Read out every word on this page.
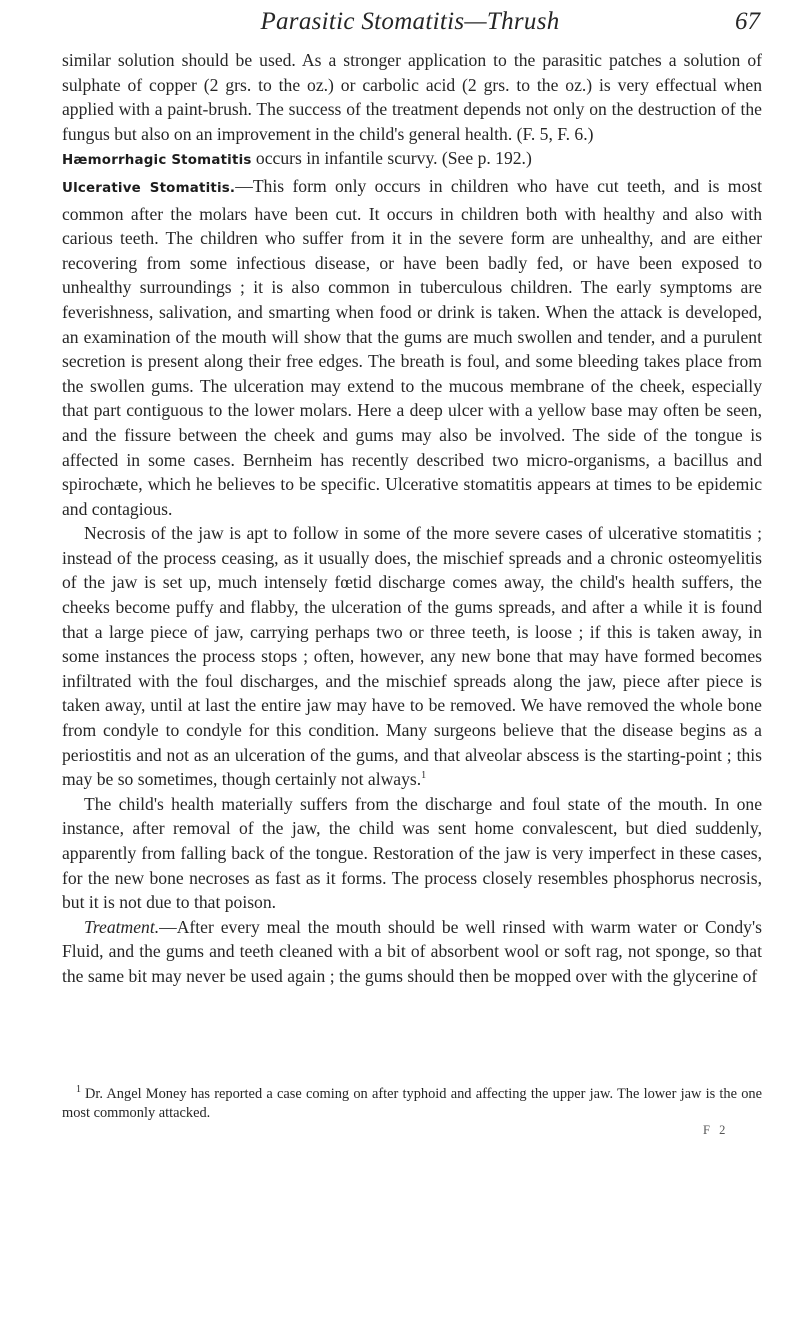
Parasitic Stomatitis—Thrush	67

similar solution should be used. As a stronger application to the parasitic patches a solution of sulphate of copper (2 grs. to the oz.) or carbolic acid (2 grs. to the oz.) is very effectual when applied with a paint-brush. The success of the treatment depends not only on the destruction of the fungus but also on an improvement in the child's general health. (F. 5, F. 6.)

Hæmorrhagic Stomatitis occurs in infantile scurvy. (See p. 192.)

Ulcerative Stomatitis.—This form only occurs in children who have cut teeth, and is most common after the molars have been cut. It occurs in children both with healthy and also with carious teeth. The children who suffer from it in the severe form are unhealthy, and are either recovering from some infectious disease, or have been badly fed, or have been exposed to unhealthy surroundings ; it is also common in tuberculous children. The early symptoms are feverishness, salivation, and smarting when food or drink is taken. When the attack is developed, an examination of the mouth will show that the gums are much swollen and tender, and a purulent secretion is present along their free edges. The breath is foul, and some bleeding takes place from the swollen gums. The ulceration may extend to the mucous membrane of the cheek, especially that part contiguous to the lower molars. Here a deep ulcer with a yellow base may often be seen, and the fissure between the cheek and gums may also be involved. The side of the tongue is affected in some cases. Bernheim has recently described two micro-organisms, a bacillus and spirochæte, which he believes to be specific. Ulcerative stomatitis appears at times to be epidemic and contagious.

Necrosis of the jaw is apt to follow in some of the more severe cases of ulcerative stomatitis ; instead of the process ceasing, as it usually does, the mischief spreads and a chronic osteomyelitis of the jaw is set up, much intensely fœtid discharge comes away, the child's health suffers, the cheeks become puffy and flabby, the ulceration of the gums spreads, and after a while it is found that a large piece of jaw, carrying perhaps two or three teeth, is loose ; if this is taken away, in some instances the process stops ; often, however, any new bone that may have formed becomes infiltrated with the foul discharges, and the mischief spreads along the jaw, piece after piece is taken away, until at last the entire jaw may have to be removed. We have removed the whole bone from condyle to condyle for this condition. Many surgeons believe that the disease begins as a periostitis and not as an ulceration of the gums, and that alveolar abscess is the starting-point ; this may be so sometimes, though certainly not always.$^1$

The child's health materially suffers from the discharge and foul state of the mouth. In one instance, after removal of the jaw, the child was sent home convalescent, but died suddenly, apparently from falling back of the tongue. Restoration of the jaw is very imperfect in these cases, for the new bone necroses as fast as it forms. The process closely resembles phosphorus necrosis, but it is not due to that poison.

Treatment.—After every meal the mouth should be well rinsed with warm water or Condy's Fluid, and the gums and teeth cleaned with a bit of absorbent wool or soft rag, not sponge, so that the same bit may never be used again ; the gums should then be mopped over with the glycerine of

$^1$ Dr. Angel Money has reported a case coming on after typhoid and affecting the upper jaw. The lower jaw is the one most commonly attacked.
F 2
